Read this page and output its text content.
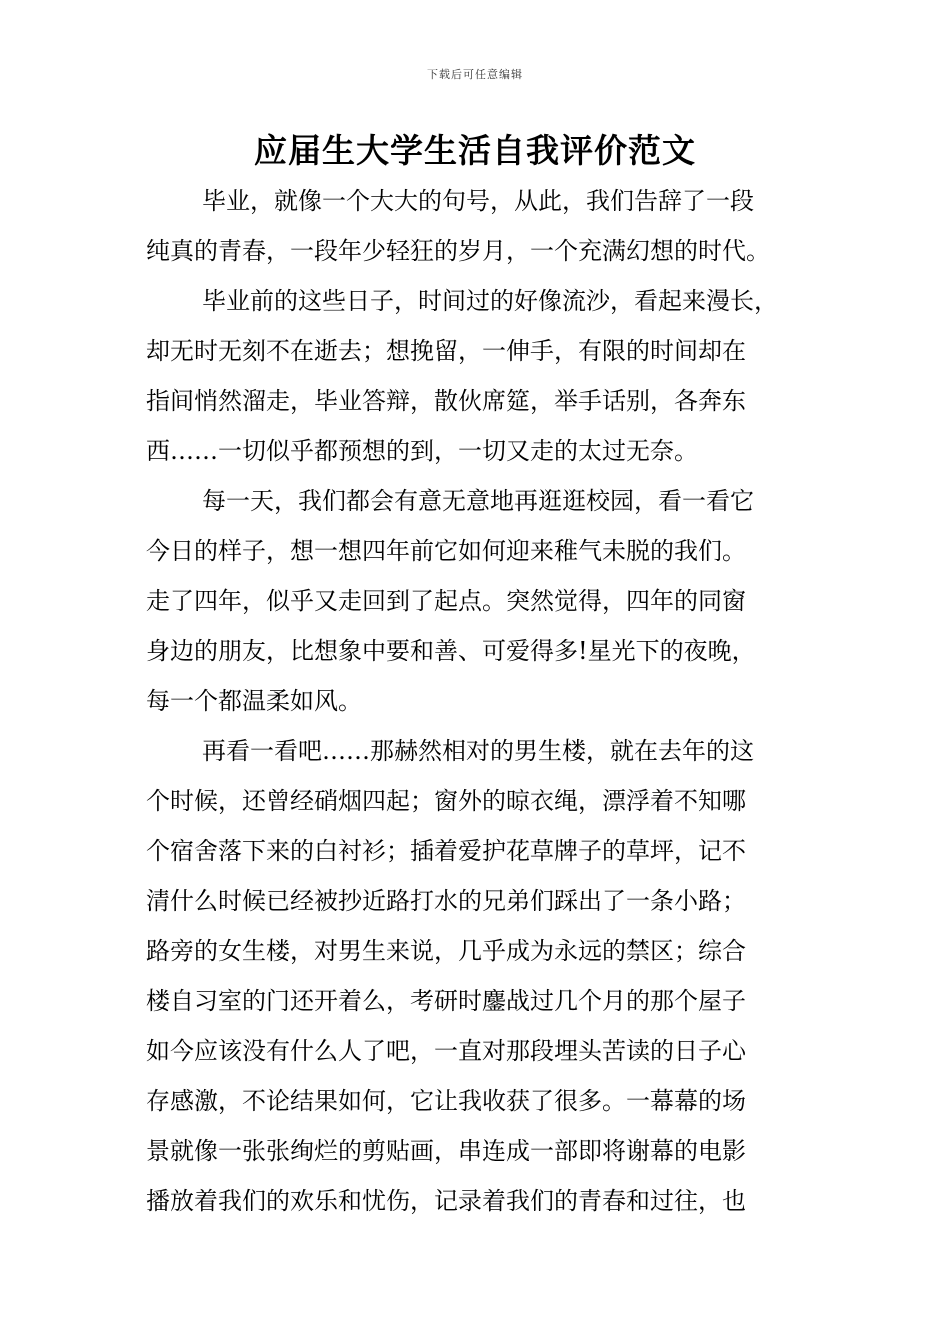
下载后可任意编辑
应届生大学生活自我评价范文
毕业，就像一个大大的句号，从此，我们告辞了一段
纯真的青春，一段年少轻狂的岁月，一个充满幻想的时代。
毕业前的这些日子，时间过的好像流沙，看起来漫长，
却无时无刻不在逝去；想挽留，一伸手，有限的时间却在
指间悄然溜走，毕业答辩，散伙席筵，举手话别，各奔东
西……一切似乎都预想的到，一切又走的太过无奈。
每一天，我们都会有意无意地再逛逛校园，看一看它
今日的样子，想一想四年前它如何迎来稚气未脱的我们。
走了四年，似乎又走回到了起点。突然觉得，四年的同窗
身边的朋友，比想象中要和善、可爱得多!星光下的夜晚，
每一个都温柔如风。
再看一看吧……那赫然相对的男生楼，就在去年的这
个时候，还曾经硝烟四起；窗外的晾衣绳，漂浮着不知哪
个宿舍落下来的白衬衫；插着爱护花草牌子的草坪，记不
清什么时候已经被抄近路打水的兄弟们踩出了一条小路；
路旁的女生楼，对男生来说，几乎成为永远的禁区；综合
楼自习室的门还开着么，考研时鏖战过几个月的那个屋子
如今应该没有什么人了吧，一直对那段埋头苦读的日子心
存感激，不论结果如何，它让我收获了很多。一幕幕的场
景就像一张张绚烂的剪贴画，串连成一部即将谢幕的电影
播放着我们的欢乐和忧伤，记录着我们的青春和过往，也
